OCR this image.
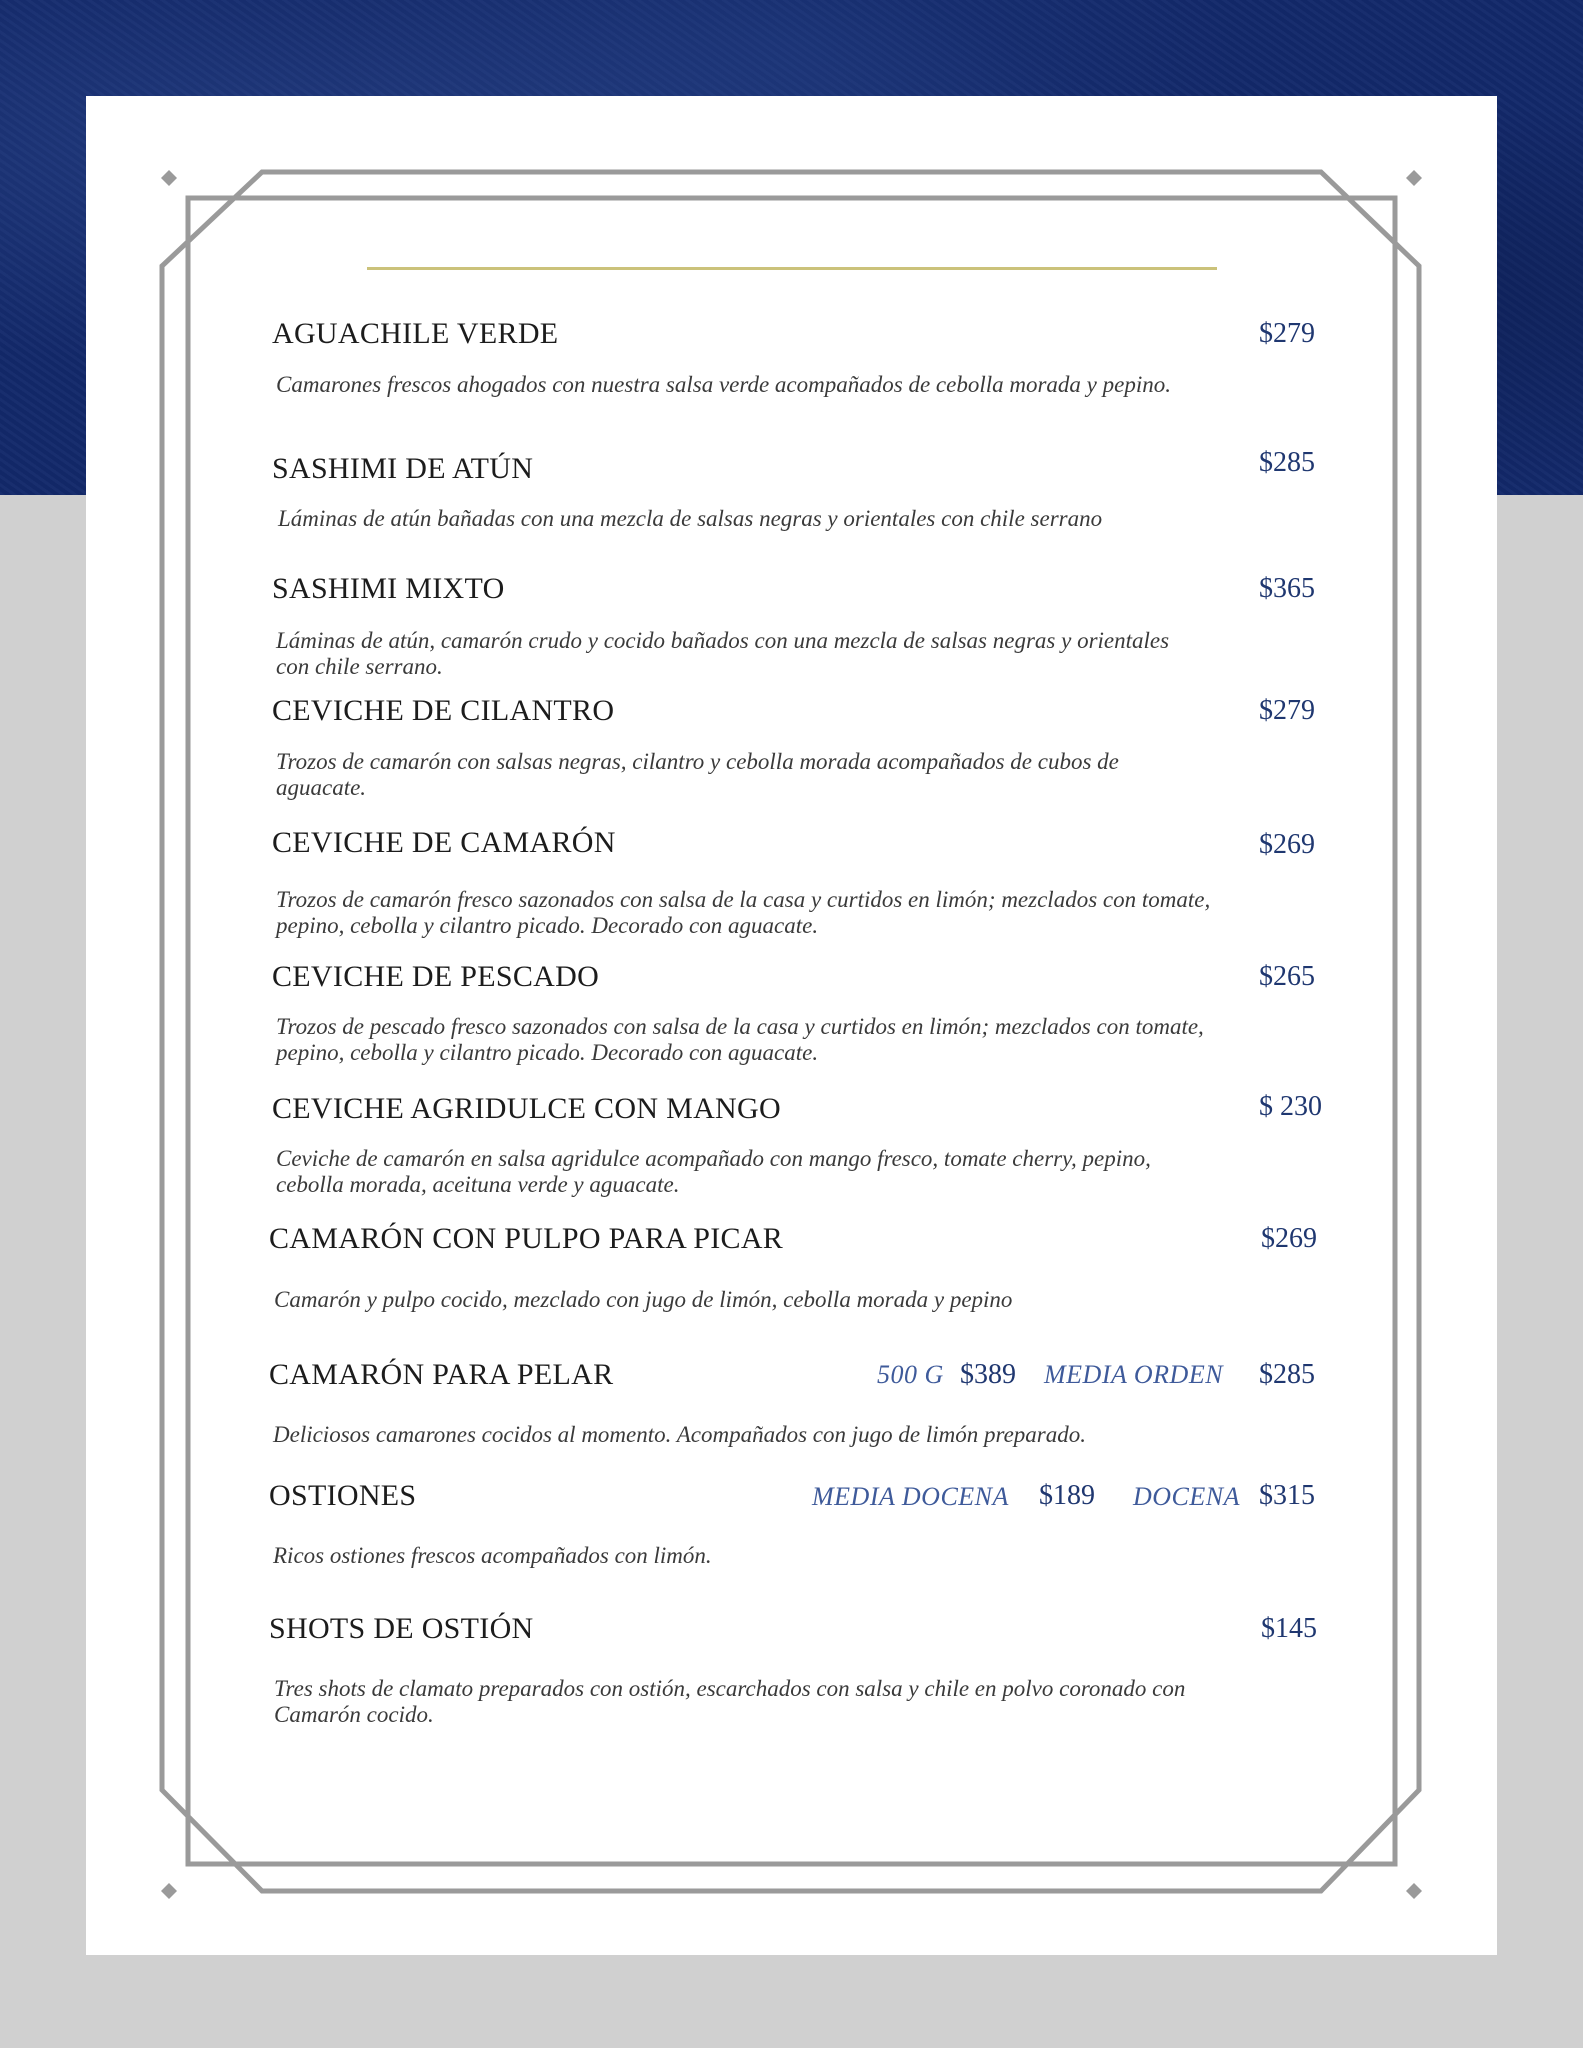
AGUACHILE VERDE	$279
Camarones frescos ahogados con nuestra salsa verde acompañados de cebolla morada y pepino.
SASHIMI DE ATÚN	$285
Láminas de atún bañadas con una mezcla de salsas negras y orientales con chile serrano
SASHIMI MIXTO	$365
Láminas de atún, camarón crudo y cocido bañados con una mezcla de salsas negras y orientales con chile serrano.
CEVICHE DE CILANTRO	$279
Trozos de camarón con salsas negras, cilantro y cebolla morada acompañados de cubos de aguacate.
CEVICHE DE CAMARÓN	$269
Trozos de camarón fresco sazonados con salsa de la casa y curtidos en limón; mezclados con tomate, pepino, cebolla y cilantro picado. Decorado con aguacate.
CEVICHE DE PESCADO	$265
Trozos de pescado fresco sazonados con salsa de la casa y curtidos en limón; mezclados con tomate, pepino, cebolla y cilantro picado. Decorado con aguacate.
CEVICHE AGRIDULCE CON MANGO	$ 230
Ceviche de camarón en salsa agridulce acompañado con mango fresco, tomate cherry, pepino, cebolla morada, aceituna verde y aguacate.
CAMARÓN CON PULPO PARA PICAR	$269
Camarón y pulpo cocido, mezclado con jugo de limón, cebolla morada y pepino
CAMARÓN PARA PELAR	500 G $389 MEDIA ORDEN $285
Deliciosos camarones cocidos al momento. Acompañados con jugo de limón preparado.
OSTIONES	MEDIA DOCENA $189 DOCENA $315
Ricos ostiones frescos acompañados con limón.
SHOTS DE OSTIÓN	$145
Tres shots de clamato preparados con ostión, escarchados con salsa y chile en polvo coronado con Camarón cocido.
